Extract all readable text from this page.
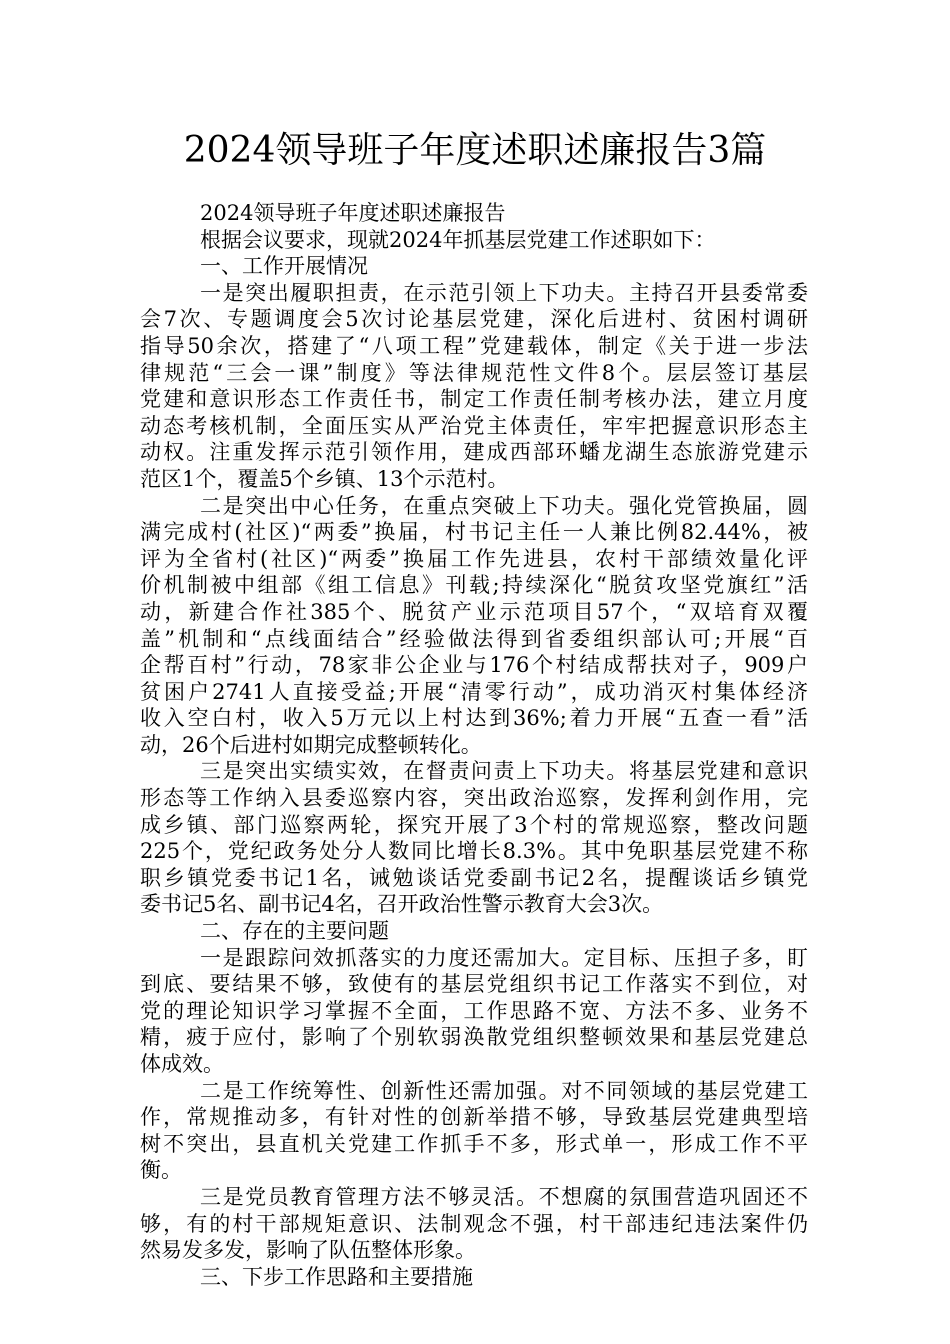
2024领导班子年度述职述廉报告3篇
2024领导班子年度述职述廉报告
根据会议要求，现就2024年抓基层党建工作述职如下：
一、工作开展情况
一是突出履职担责，在示范引领上下功夫。主持召开县委常委
会7次、专题调度会5次讨论基层党建，深化后进村、贫困村调研
指导50余次，搭建了“八项工程”党建载体，制定《关于进一步法
律规范“三会一课”制度》等法律规范性文件8个。层层签订基层
党建和意识形态工作责任书，制定工作责任制考核办法，建立月度
动态考核机制，全面压实从严治党主体责任，牢牢把握意识形态主
动权。注重发挥示范引领作用，建成西部环蟠龙湖生态旅游党建示
范区1个，覆盖5个乡镇、13个示范村。
二是突出中心任务，在重点突破上下功夫。强化党管换届，圆
满完成村(社区)“两委”换届，村书记主任一人兼比例82.44%，被
评为全省村(社区)“两委”换届工作先进县，农村干部绩效量化评
价机制被中组部《组工信息》刊载;持续深化“脱贫攻坚党旗红”活
动，新建合作社385个、脱贫产业示范项目57个，“双培育双覆
盖”机制和“点线面结合”经验做法得到省委组织部认可;开展“百
企帮百村”行动，78家非公企业与176个村结成帮扶对子，909户
贫困户2741人直接受益;开展“清零行动”，成功消灭村集体经济
收入空白村，收入5万元以上村达到36%;着力开展“五查一看”活
动，26个后进村如期完成整顿转化。
三是突出实绩实效，在督责问责上下功夫。将基层党建和意识
形态等工作纳入县委巡察内容，突出政治巡察，发挥利剑作用，完
成乡镇、部门巡察两轮，探究开展了3个村的常规巡察，整改问题
225个，党纪政务处分人数同比增长8.3%。其中免职基层党建不称
职乡镇党委书记1名，诫勉谈话党委副书记2名，提醒谈话乡镇党
委书记5名、副书记4名，召开政治性警示教育大会3次。
二、存在的主要问题
一是跟踪问效抓落实的力度还需加大。定目标、压担子多，盯
到底、要结果不够，致使有的基层党组织书记工作落实不到位，对
党的理论知识学习掌握不全面，工作思路不宽、方法不多、业务不
精，疲于应付，影响了个别软弱涣散党组织整顿效果和基层党建总
体成效。
二是工作统筹性、创新性还需加强。对不同领域的基层党建工
作，常规推动多，有针对性的创新举措不够，导致基层党建典型培
树不突出，县直机关党建工作抓手不多，形式单一，形成工作不平
衡。
三是党员教育管理方法不够灵活。不想腐的氛围营造巩固还不
够，有的村干部规矩意识、法制观念不强，村干部违纪违法案件仍
然易发多发，影响了队伍整体形象。
三、下步工作思路和主要措施
